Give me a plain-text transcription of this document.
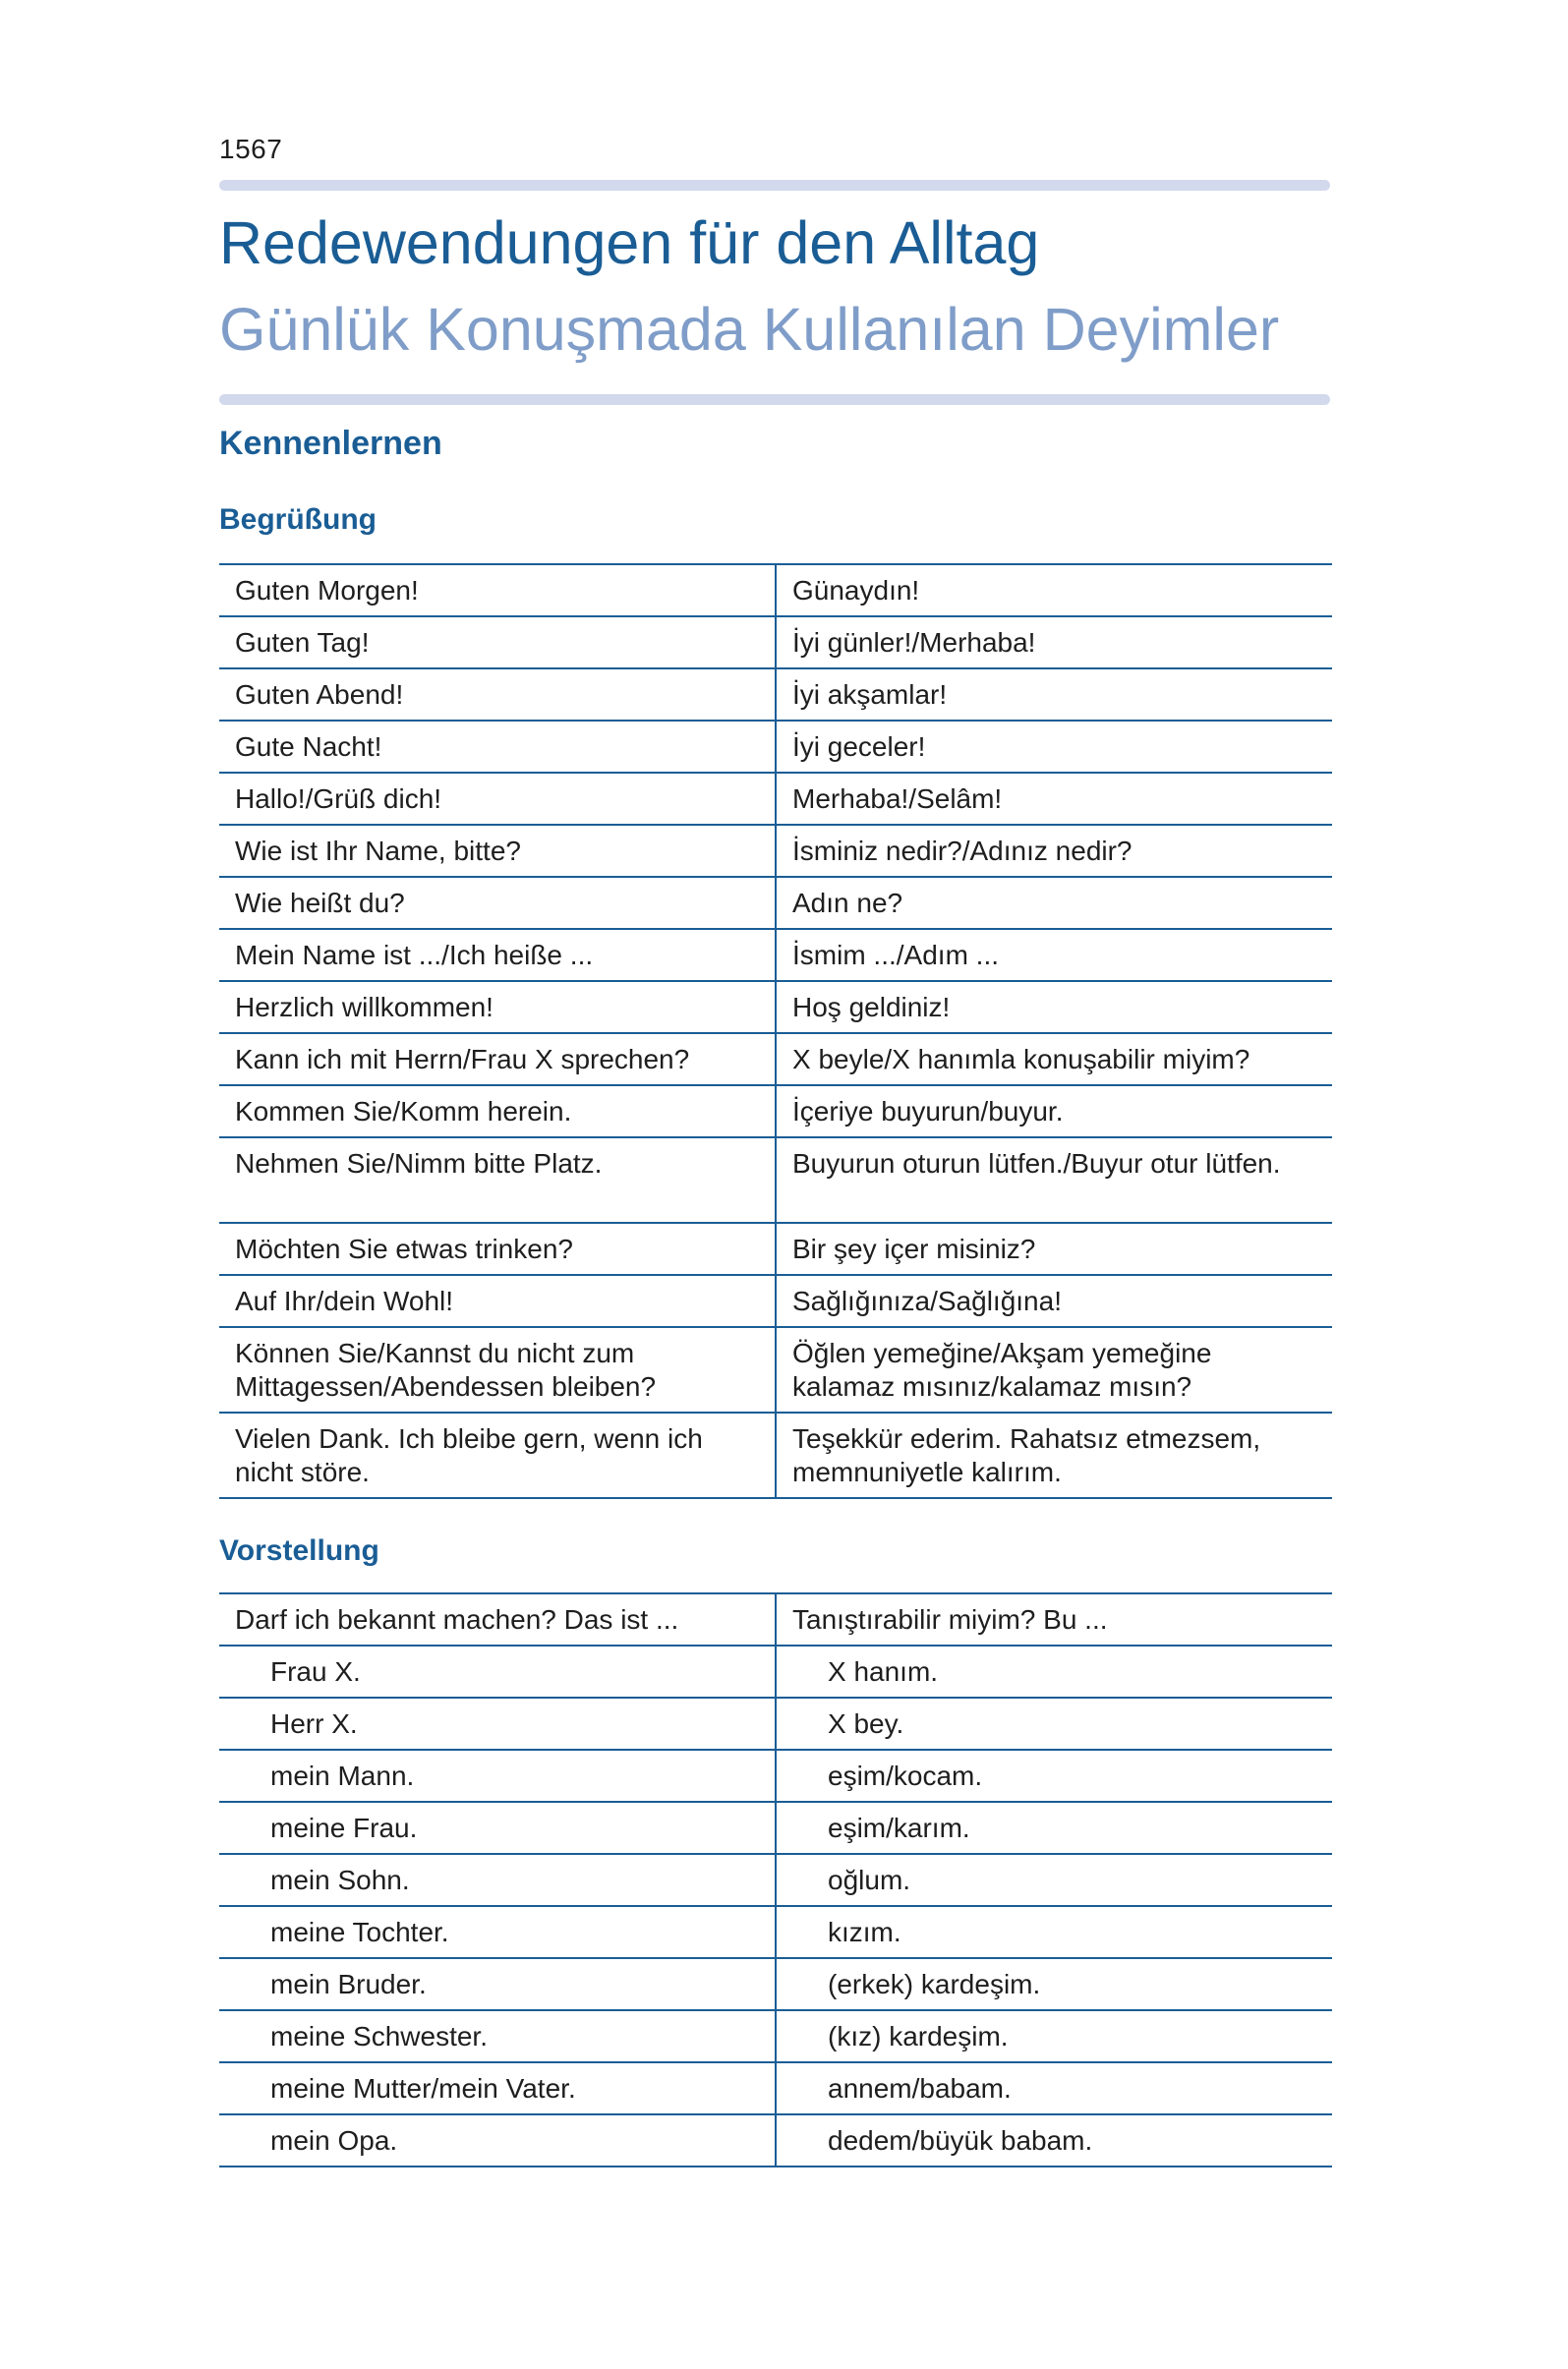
1567
Redewendungen für den Alltag
Günlük Konuşmada Kullanılan Deyimler
Kennenlernen
Begrüßung
Guten Morgen!	Günaydın!
Guten Tag!	İyi günler!/Merhaba!
Guten Abend!	İyi akşamlar!
Gute Nacht!	İyi geceler!
Hallo!/Grüß dich!	Merhaba!/Selâm!
Wie ist Ihr Name, bitte?	İsminiz nedir?/Adınız nedir?
Wie heißt du?	Adın ne?
Mein Name ist .../Ich heiße ...	İsmim .../Adım ...
Herzlich willkommen!	Hoş geldiniz!
Kann ich mit Herrn/Frau X sprechen?	X beyle/X hanımla konuşabilir miyim?
Kommen Sie/Komm herein.	İçeriye buyurun/buyur.
Nehmen Sie/Nimm bitte Platz.	Buyurun oturun lütfen./Buyur otur lütfen.
Möchten Sie etwas trinken?	Bir şey içer misiniz?
Auf Ihr/dein Wohl!	Sağlığınıza/Sağlığına!
Können Sie/Kannst du nicht zum Mittagessen/Abendessen bleiben?	Öğlen yemeğine/Akşam yemeğine kalamaz mısınız/kalamaz mısın?
Vielen Dank. Ich bleibe gern, wenn ich nicht störe.	Teşekkür ederim. Rahatsız etmezsem, memnuniyetle kalırım.
Vorstellung
Darf ich bekannt machen? Das ist ...	Tanıştırabilir miyim? Bu ...
Frau X.	X hanım.
Herr X.	X bey.
mein Mann.	eşim/kocam.
meine Frau.	eşim/karım.
mein Sohn.	oğlum.
meine Tochter.	kızım.
mein Bruder.	(erkek) kardeşim.
meine Schwester.	(kız) kardeşim.
meine Mutter/mein Vater.	annem/babam.
mein Opa.	dedem/büyük babam.
